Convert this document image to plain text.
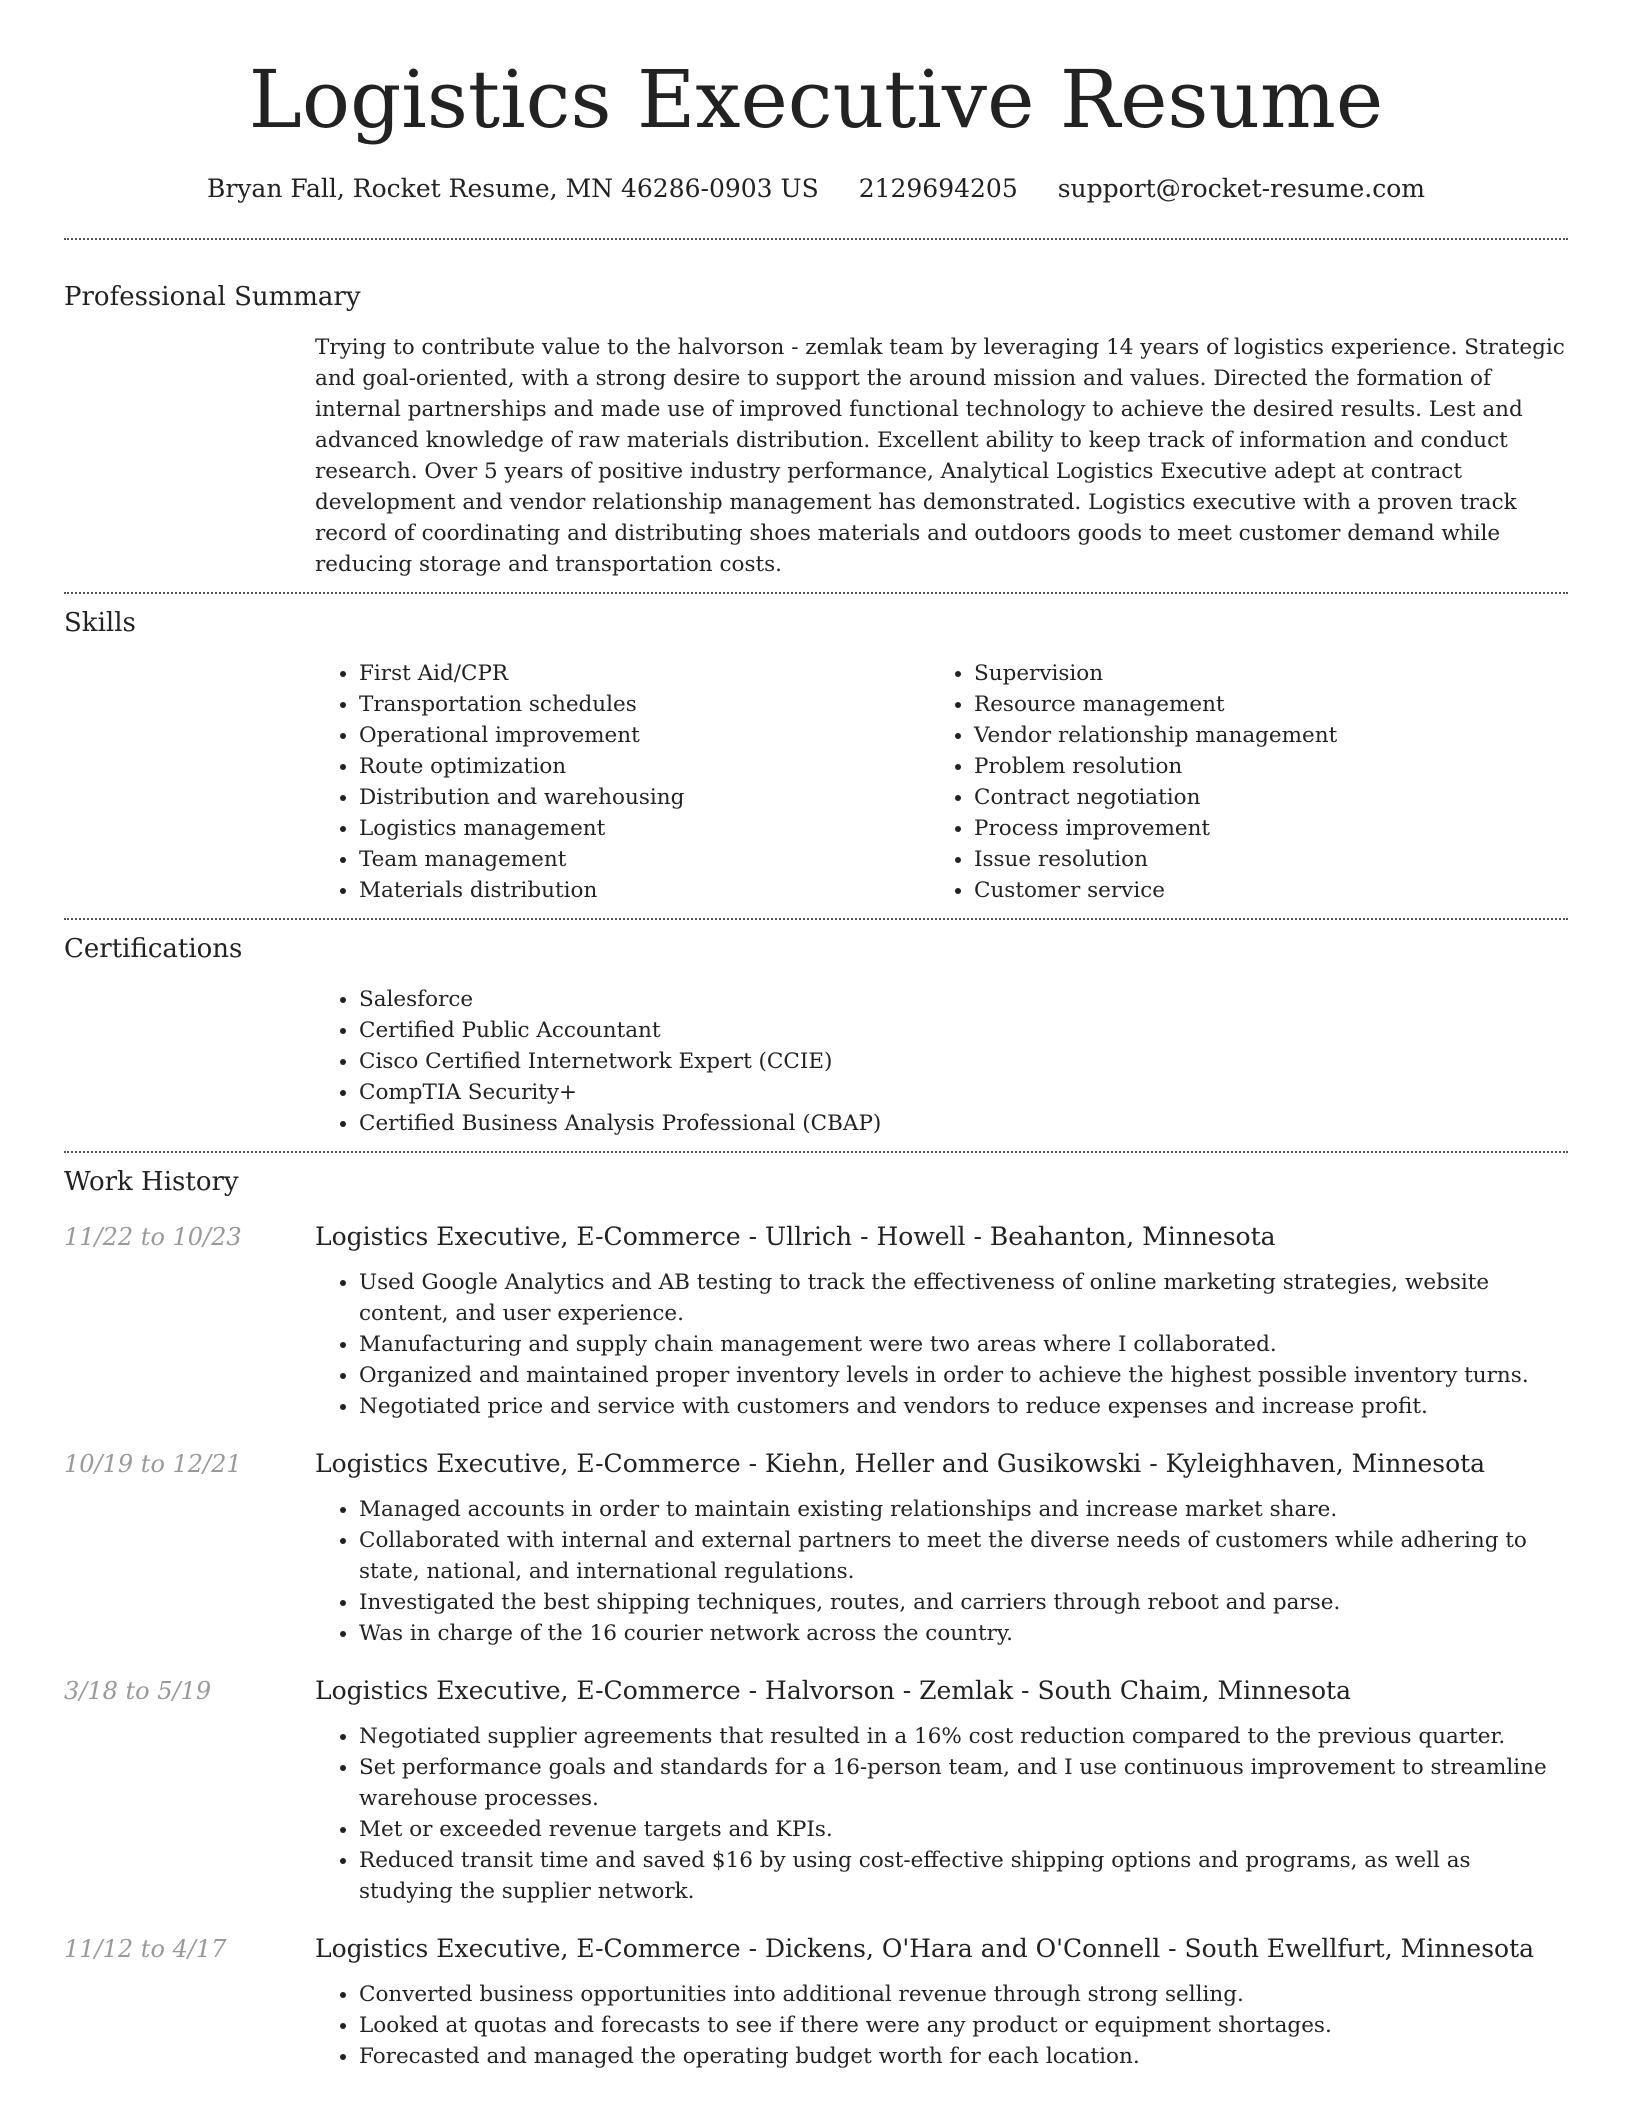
Logistics Executive Resume
Bryan Fall, Rocket Resume, MN 46286-0903 US 2129694205 support@rocket-resume.com
Professional Summary
Trying to contribute value to the halvorson - zemlak team by leveraging 14 years of logistics experience. Strategic and goal-oriented, with a strong desire to support the around mission and values. Directed the formation of internal partnerships and made use of improved functional technology to achieve the desired results. Lest and advanced knowledge of raw materials distribution. Excellent ability to keep track of information and conduct research. Over 5 years of positive industry performance, Analytical Logistics Executive adept at contract development and vendor relationship management has demonstrated. Logistics executive with a proven track record of coordinating and distributing shoes materials and outdoors goods to meet customer demand while reducing storage and transportation costs.
Skills
• First Aid/CPR
• Transportation schedules
• Operational improvement
• Route optimization
• Distribution and warehousing
• Logistics management
• Team management
• Materials distribution
• Supervision
• Resource management
• Vendor relationship management
• Problem resolution
• Contract negotiation
• Process improvement
• Issue resolution
• Customer service
Certifications
• Salesforce
• Certified Public Accountant
• Cisco Certified Internetwork Expert (CCIE)
• CompTIA Security+
• Certified Business Analysis Professional (CBAP)
Work History
11/22 to 10/23	Logistics Executive, E-Commerce - Ullrich - Howell - Beahanton, Minnesota
• Used Google Analytics and AB testing to track the effectiveness of online marketing strategies, website content, and user experience.
• Manufacturing and supply chain management were two areas where I collaborated.
• Organized and maintained proper inventory levels in order to achieve the highest possible inventory turns.
• Negotiated price and service with customers and vendors to reduce expenses and increase profit.
10/19 to 12/21	Logistics Executive, E-Commerce - Kiehn, Heller and Gusikowski - Kyleighhaven, Minnesota
• Managed accounts in order to maintain existing relationships and increase market share.
• Collaborated with internal and external partners to meet the diverse needs of customers while adhering to state, national, and international regulations.
• Investigated the best shipping techniques, routes, and carriers through reboot and parse.
• Was in charge of the 16 courier network across the country.
3/18 to 5/19	Logistics Executive, E-Commerce - Halvorson - Zemlak - South Chaim, Minnesota
• Negotiated supplier agreements that resulted in a 16% cost reduction compared to the previous quarter.
• Set performance goals and standards for a 16-person team, and I use continuous improvement to streamline warehouse processes.
• Met or exceeded revenue targets and KPIs.
• Reduced transit time and saved $16 by using cost-effective shipping options and programs, as well as studying the supplier network.
11/12 to 4/17	Logistics Executive, E-Commerce - Dickens, O'Hara and O'Connell - South Ewellfurt, Minnesota
• Converted business opportunities into additional revenue through strong selling.
• Looked at quotas and forecasts to see if there were any product or equipment shortages.
• Forecasted and managed the operating budget worth for each location.
